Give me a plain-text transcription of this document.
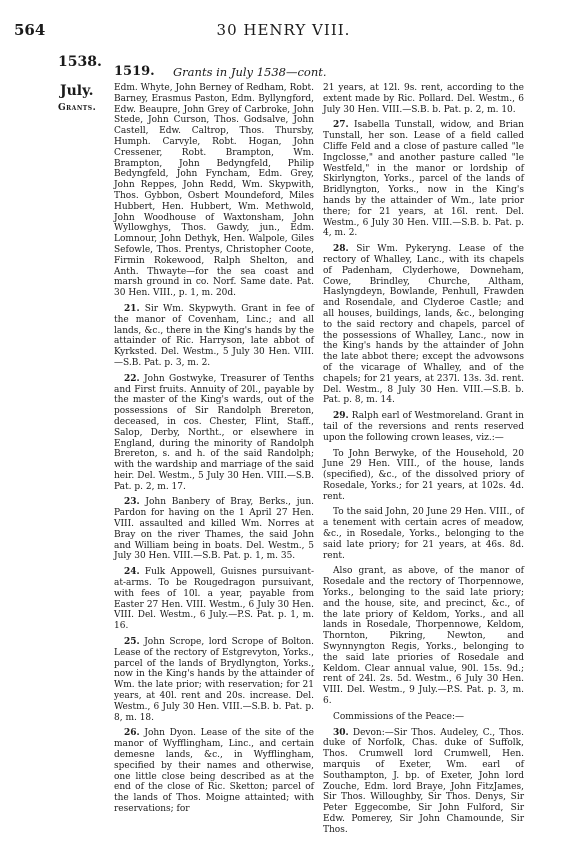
564	30 HENRY VIII.
1538.
July.
Grants.
1519. Grants in July 1538—cont.

Edm. Whyte, John Berney of Redham, Robt. Barney, Erasmus Paston, Edm. Byllyngford, Edw. Beaupre, John Grey of Carbroke, John Stede, John Curson, Thos. Godsalve, John Castell, Edw. Caltrop, Thos. Thursby, Humph. Carvyle, Robt. Hogan, John Cressener, Robt. Brampton, Wm. Brampton, John Bedyngfeld, Philip Bedyngfeld, John Fyncham, Edm. Grey, John Reppes, John Redd, Wm. Skypwith, Thos. Gybbon, Osbert Moundeford, Miles Hubbert, Hen. Hubbert, Wm. Methwold, John Woodhouse of Waxtonsham, John Wyllowghys, Thos. Gawdy, jun., Edm. Lomnour, John Dethyk, Hen. Walpole, Giles Sefowle, Thos. Prentys, Christopher Coote, Firmin Rokewood, Ralph Shelton, and Anth. Thwayte—for the sea coast and marsh ground in co. Norf. Same date. Pat. 30 Hen. VIII., p. 1, m. 20d.

21. Sir Wm. Skypwyth. Grant in fee of the manor of Covenham, Linc.; and all lands, &c., there in the King's hands by the attainder of Ric. Harryson, late abbot of Kyrksted. Del. Westm., 5 July 30 Hen. VIII.—S.B. Pat. p. 3, m. 2.

22. John Gostwyke, Treasurer of Tenths and First fruits. Annuity of 20l., payable by the master of the King's wards, out of the possessions of Sir Randolph Brereton, deceased, in cos. Chester, Flint, Staff., Salop, Derby, Northt., or elsewhere in England, during the minority of Randolph Brereton, s. and h. of the said Randolph; with the wardship and marriage of the said heir. Del. Westm., 5 July 30 Hen. VIII.—S.B. Pat. p. 2, m. 17.

23. John Banbery of Bray, Berks., jun. Pardon for having on the 1 April 27 Hen. VIII. assaulted and killed Wm. Norres at Bray on the river Thames, the said John and William being in boats. Del. Westm., 5 July 30 Hen. VIII.—S.B. Pat. p. 1, m. 35.

24. Fulk Appowell, Guisnes pursuivant-at-arms. To be Rougedragon pursuivant, with fees of 10l. a year, payable from Easter 27 Hen. VIII. Westm., 6 July 30 Hen. VIII. Del. Westm., 6 July.—P.S. Pat. p. 1, m. 16.

25. John Scrope, lord Scrope of Bolton. Lease of the rectory of Estgrevyton, Yorks., parcel of the lands of Brydlyngton, Yorks., now in the King's hands by the attainder of Wm. the late prior; with reservation; for 21 years, at 40l. rent and 20s. increase. Del. Westm., 6 July 30 Hen. VIII.—S.B. b. Pat. p. 8, m. 18.

26. John Dyon. Lease of the site of the manor of Wyfflingham, Linc., and certain demesne lands, &c., in Wyfflingham, specified by their names and otherwise, one little close being described as at the end of the close of Ric. Sketton; parcel of the lands of Thos. Moigne attainted; with reservations; for

21 years, at 12l. 9s. rent, according to the extent made by Ric. Pollard. Del. Westm., 6 July 30 Hen. VIII.—S.B. b. Pat. p. 2, m. 10.

27. Isabella Tunstall, widow, and Brian Tunstall, her son. Lease of a field called Cliffe Feld and a close of pasture called "le Ingclosse," and another pasture called "le Westfeld," in the manor or lordship of Skirlyngton, Yorks., parcel of the lands of Bridlyngton, Yorks., now in the King's hands by the attainder of Wm., late prior there; for 21 years, at 16l. rent. Del. Westm., 6 July 30 Hen. VIII.—S.B. b. Pat. p. 4, m. 2.

28. Sir Wm. Pykeryng. Lease of the rectory of Whalley, Lanc., with its chapels of Padenham, Clyderhowe, Downeham, Cowe, Brindley, Churche, Altham, Haslyngdeyn, Bowlande, Penhull, Frawden and Rosendale, and Clyderoe Castle; and all houses, buildings, lands, &c., belonging to the said rectory and chapels, parcel of the possessions of Whalley, Lanc., now in the King's hands by the attainder of John the late abbot there; except the advowsons of the vicarage of Whalley, and of the chapels; for 21 years, at 237l. 13s. 3d. rent. Del. Westm., 8 July 30 Hen. VIII.—S.B. b. Pat. p. 8, m. 14.

29. Ralph earl of Westmoreland. Grant in tail of the reversions and rents reserved upon the following crown leases, viz.:—

To John Berwyke, of the Household, 20 June 29 Hen. VIII., of the house, lands (specified), &c., of the dissolved priory of Rosedale, Yorks.; for 21 years, at 102s. 4d. rent.

To the said John, 20 June 29 Hen. VIII., of a tenement with certain acres of meadow, &c., in Rosedale, Yorks., belonging to the said late priory; for 21 years, at 46s. 8d. rent.

Also grant, as above, of the manor of Rosedale and the rectory of Thorpennowe, Yorks., belonging to the said late priory; and the house, site, and precinct, &c., of the late priory of Keldom, Yorks., and all lands in Rosedale, Thorpennowe, Keldom, Thornton, Pikring, Newton, and Swynnyngton Regis, Yorks., belonging to the said late priories of Rosedale and Keldom. Clear annual value, 90l. 15s. 9d.; rent of 24l. 2s. 5d. Westm., 6 July 30 Hen. VIII. Del. Westm., 9 July.—P.S. Pat. p. 3, m. 6.

Commissions of the Peace:—

30. Devon:—Sir Thos. Audeley, C., Thos. duke of Norfolk, Chas. duke of Suffolk, Thos. Crumwell lord Crumwell, Hen. marquis of Exeter, Wm. earl of Southampton, J. bp. of Exeter, John lord Zouche, Edm. lord Braye, John FitzJames, Sir Thos. Willoughby, Sir Thos. Denys, Sir Peter Eggecombe, Sir John Fulford, Sir Edw. Pomerey, Sir John Chamounde, Sir Thos.
